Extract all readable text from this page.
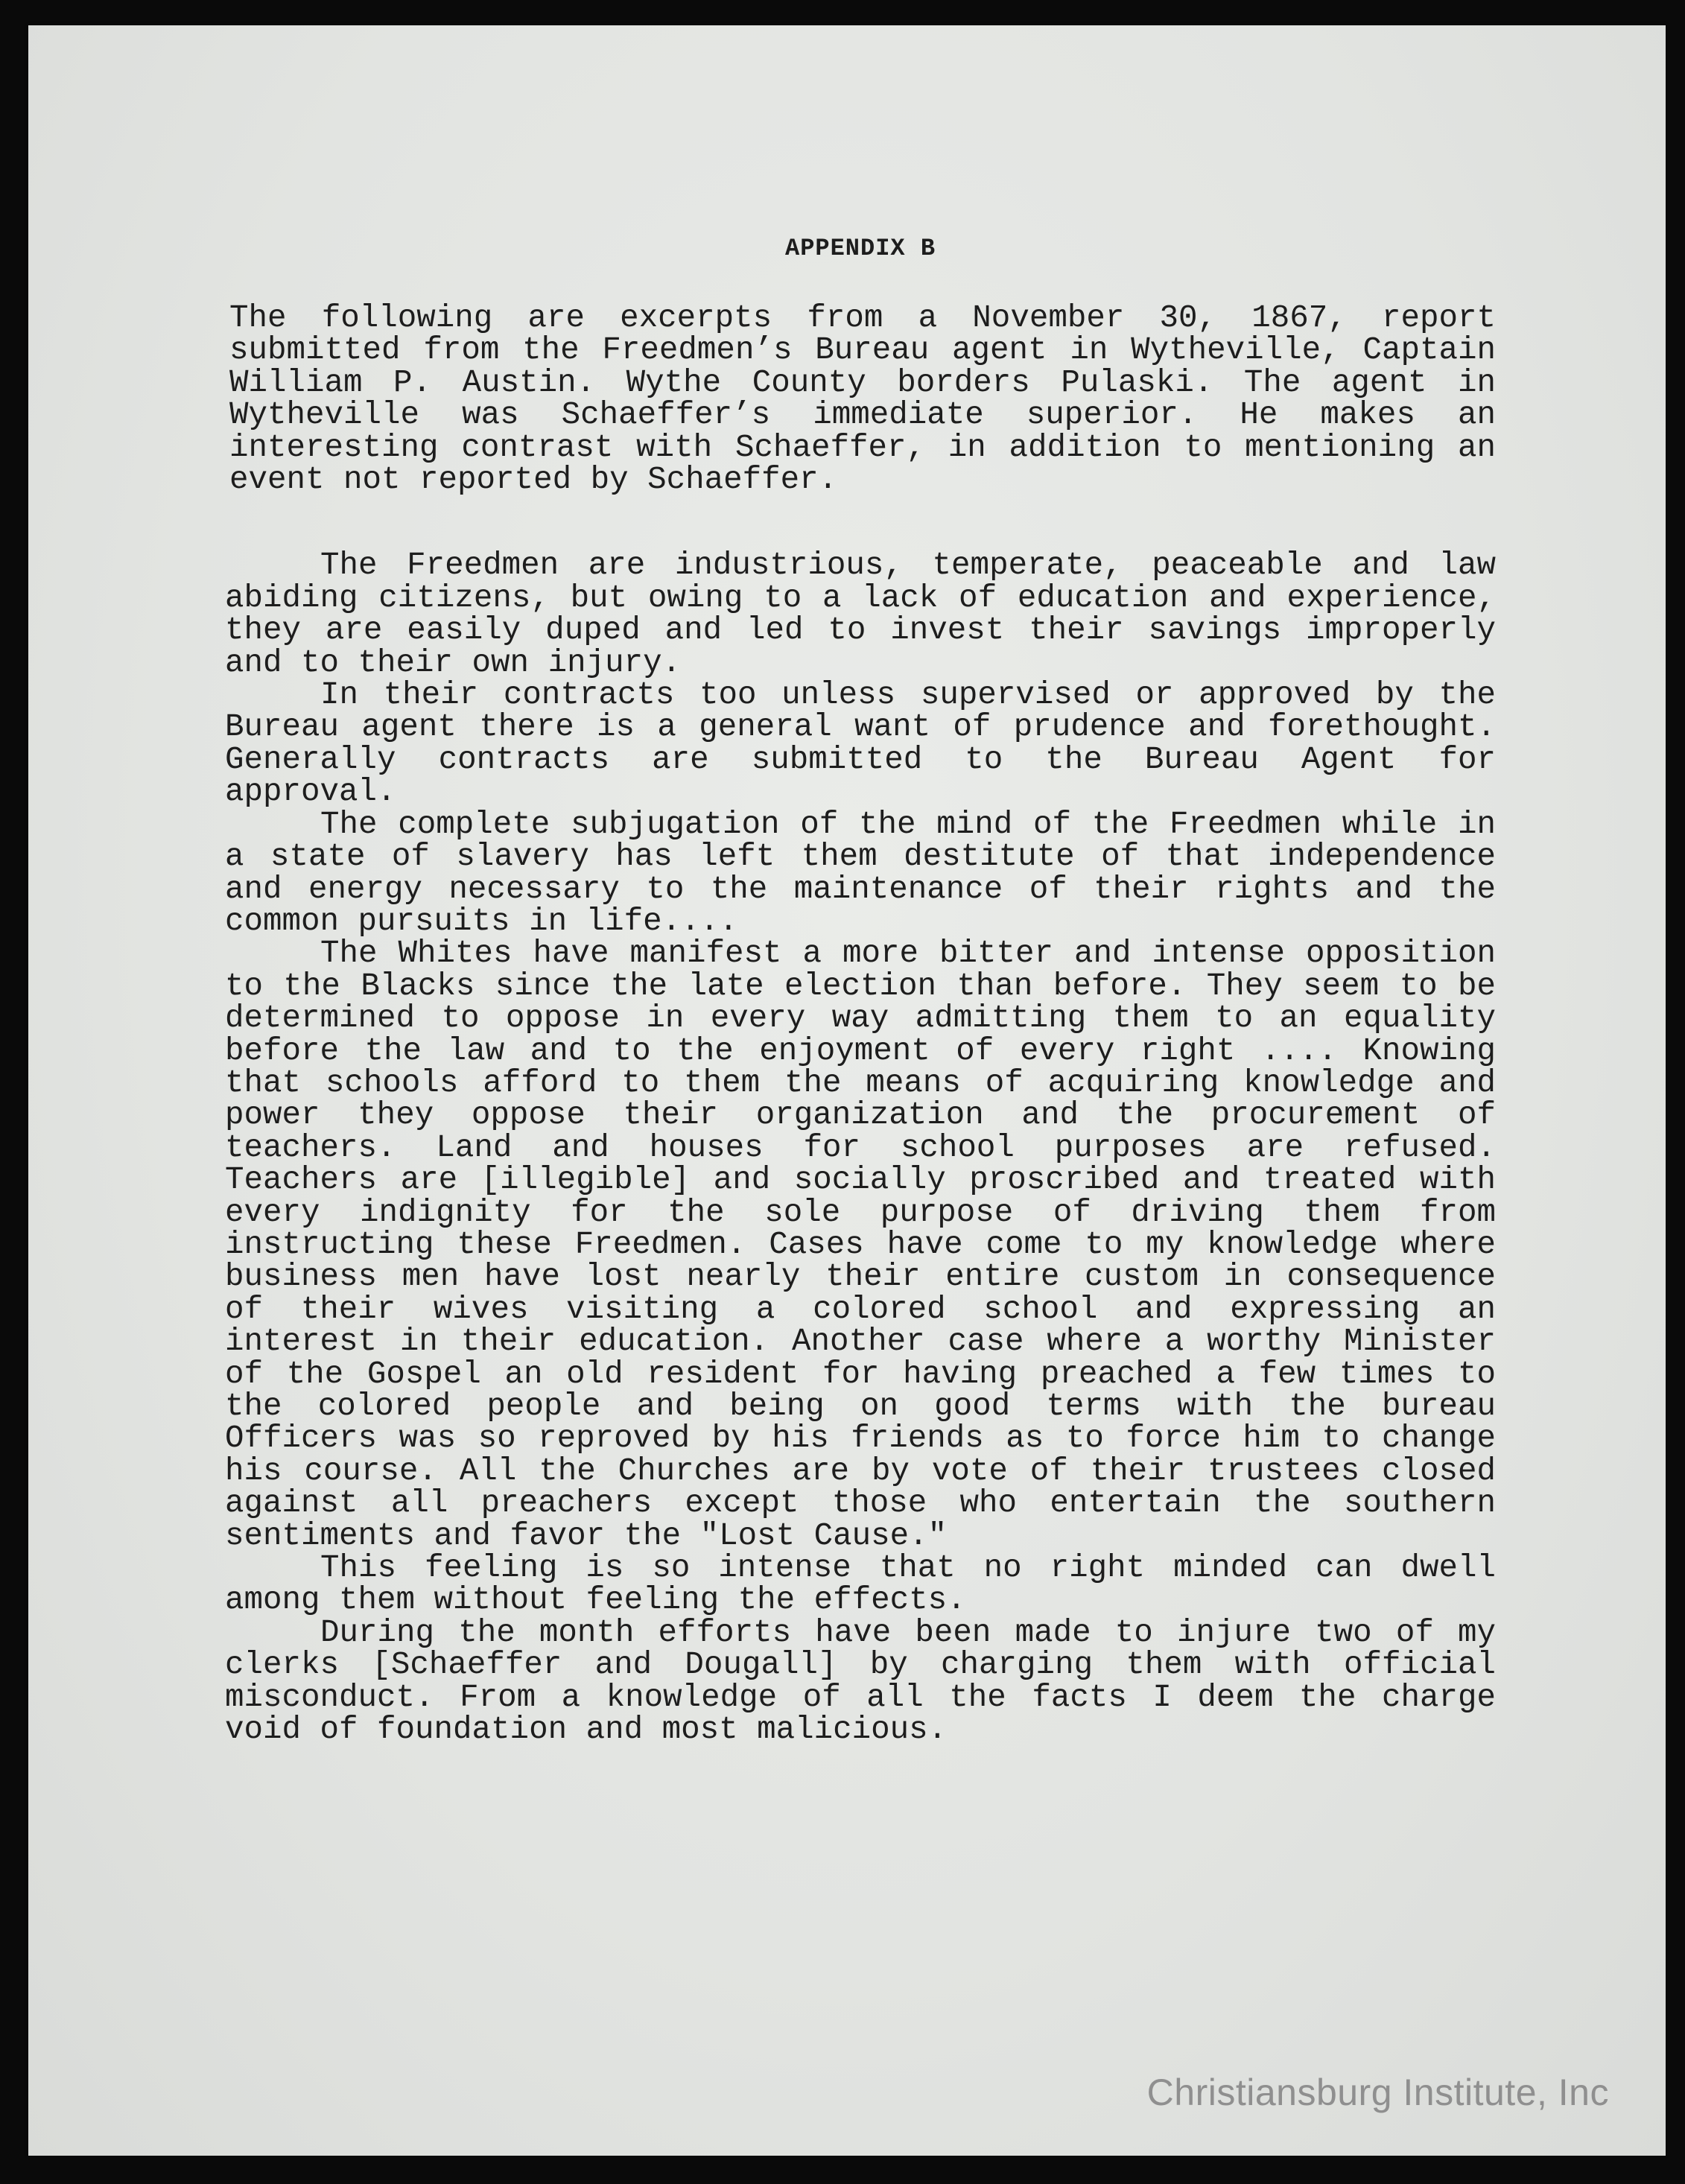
APPENDIX B

The following are excerpts from a November 30, 1867, report submitted from the Freedmen’s Bureau agent in Wytheville, Captain William P. Austin. Wythe County borders Pulaski. The agent in Wytheville was Schaeffer’s immediate superior. He makes an interesting contrast with Schaeffer, in addition to mentioning an event not reported by Schaeffer.

The Freedmen are industrious, temperate, peaceable and law abiding citizens, but owing to a lack of education and experience, they are easily duped and led to invest their savings improperly and to their own injury.

In their contracts too unless supervised or approved by the Bureau agent there is a general want of prudence and forethought. Generally contracts are submitted to the Bureau Agent for approval.

The complete subjugation of the mind of the Freedmen while in a state of slavery has left them destitute of that independence and energy necessary to the maintenance of their rights and the common pursuits in life....

The Whites have manifest a more bitter and intense opposition to the Blacks since the late election than before. They seem to be determined to oppose in every way admitting them to an equality before the law and to the enjoyment of every right .... Knowing that schools afford to them the means of acquiring knowledge and power they oppose their organization and the procurement of teachers. Land and houses for school purposes are refused. Teachers are [illegible] and socially proscribed and treated with every indignity for the sole purpose of driving them from instructing these Freedmen. Cases have come to my knowledge where business men have lost nearly their entire custom in consequence of their wives visiting a colored school and expressing an interest in their education. Another case where a worthy Minister of the Gospel an old resident for having preached a few times to the colored people and being on good terms with the bureau Officers was so reproved by his friends as to force him to change his course. All the Churches are by vote of their trustees closed against all preachers except those who entertain the southern sentiments and favor the "Lost Cause."

This feeling is so intense that no right minded can dwell among them without feeling the effects.

During the month efforts have been made to injure two of my clerks [Schaeffer and Dougall] by charging them with official misconduct. From a knowledge of all the facts I deem the charge void of foundation and most malicious.

Christiansburg Institute, Inc
